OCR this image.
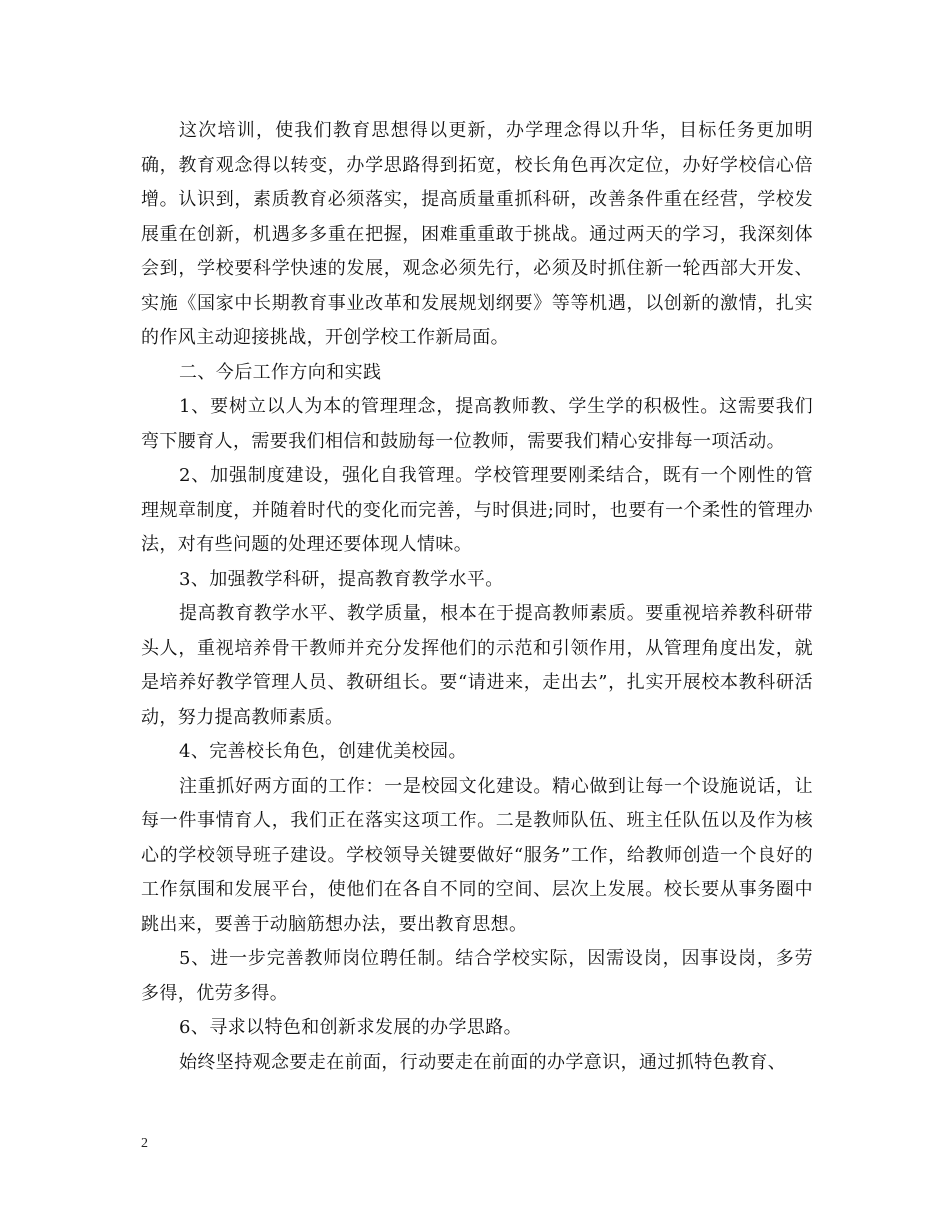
这次培训，使我们教育思想得以更新，办学理念得以升华，目标任务更加明确，教育观念得以转变，办学思路得到拓宽，校长角色再次定位，办好学校信心倍增。认识到，素质教育必须落实，提高质量重抓科研，改善条件重在经营，学校发展重在创新，机遇多多重在把握，困难重重敢于挑战。通过两天的学习，我深刻体会到，学校要科学快速的发展，观念必须先行，必须及时抓住新一轮西部大开发、实施《国家中长期教育事业改革和发展规划纲要》等等机遇，以创新的激情，扎实的作风主动迎接挑战，开创学校工作新局面。

二、今后工作方向和实践

1、要树立以人为本的管理理念，提高教师教、学生学的积极性。这需要我们弯下腰育人，需要我们相信和鼓励每一位教师，需要我们精心安排每一项活动。

2、加强制度建设，强化自我管理。学校管理要刚柔结合，既有一个刚性的管理规章制度，并随着时代的变化而完善，与时俱进;同时，也要有一个柔性的管理办法，对有些问题的处理还要体现人情味。

3、加强教学科研，提高教育教学水平。

提高教育教学水平、教学质量，根本在于提高教师素质。要重视培养教科研带头人，重视培养骨干教师并充分发挥他们的示范和引领作用，从管理角度出发，就是培养好教学管理人员、教研组长。要“请进来，走出去”，扎实开展校本教科研活动，努力提高教师素质。

4、完善校长角色，创建优美校园。

注重抓好两方面的工作：一是校园文化建设。精心做到让每一个设施说话，让每一件事情育人，我们正在落实这项工作。二是教师队伍、班主任队伍以及作为核心的学校领导班子建设。学校领导关键要做好“服务”工作，给教师创造一个良好的工作氛围和发展平台，使他们在各自不同的空间、层次上发展。校长要从事务圈中跳出来，要善于动脑筋想办法，要出教育思想。

5、进一步完善教师岗位聘任制。结合学校实际，因需设岗，因事设岗，多劳多得，优劳多得。

6、寻求以特色和创新求发展的办学思路。

始终坚持观念要走在前面，行动要走在前面的办学意识，通过抓特色教育、

2
